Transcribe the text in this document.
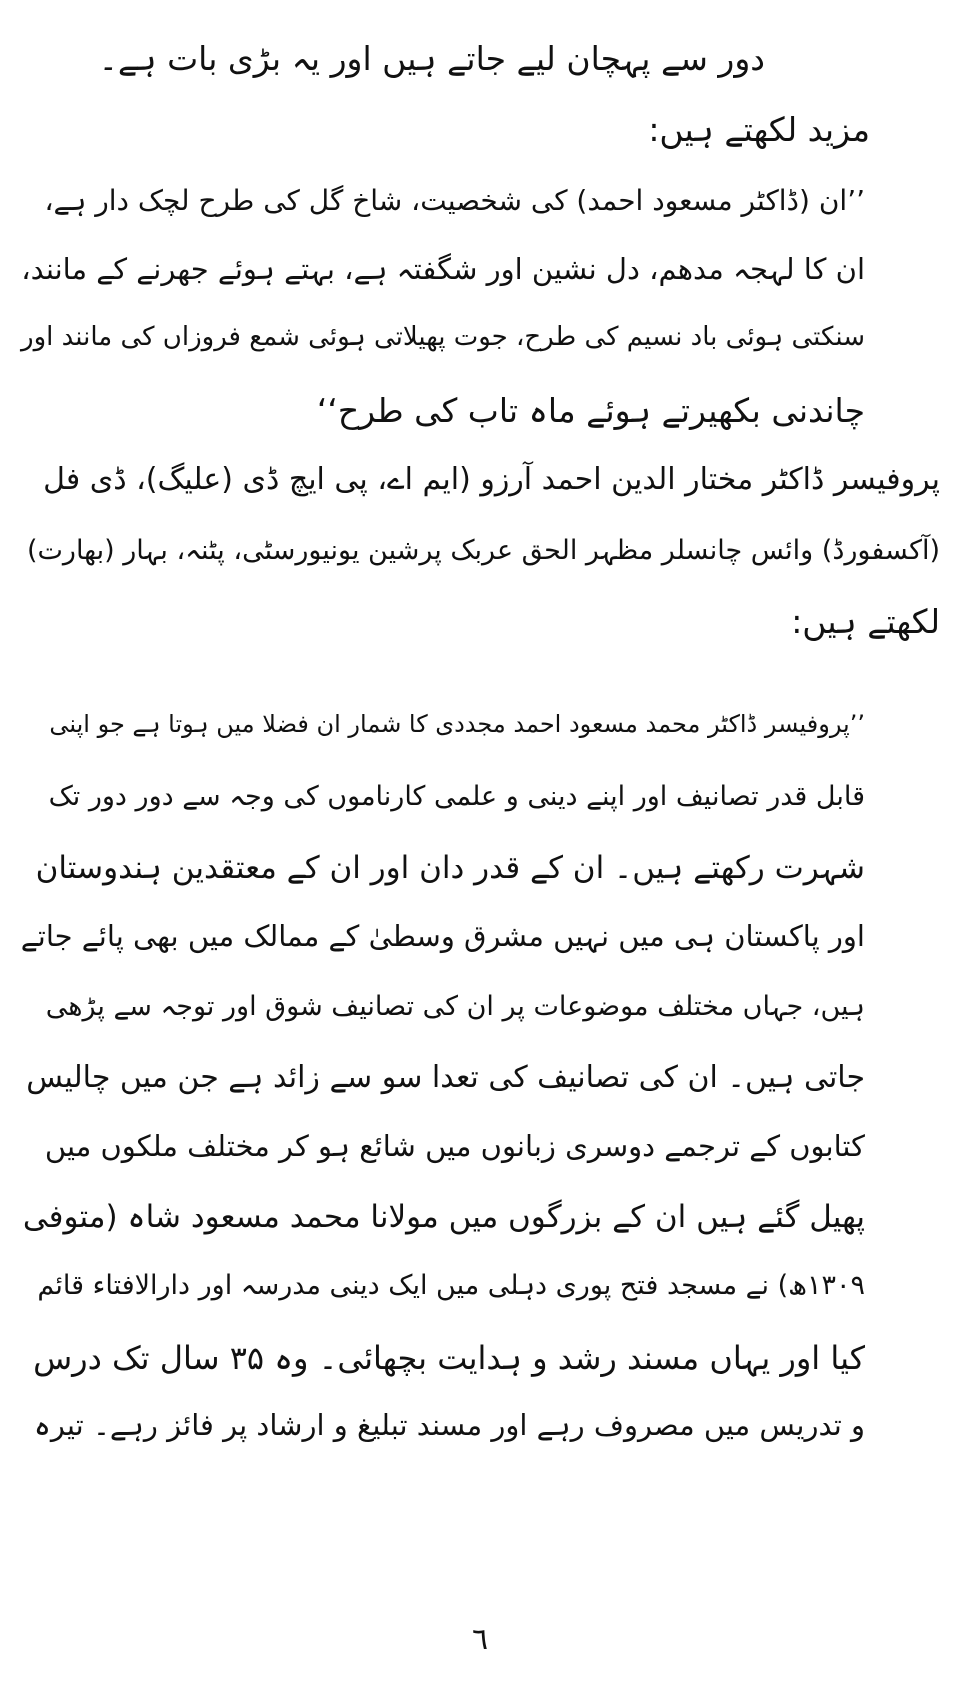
دور سے پہچان لیے جاتے ہیں اور یہ بڑی بات ہے۔
مزید لکھتے ہیں:
’’ان (ڈاکٹر مسعود احمد) کی شخصیت، شاخ گل کی طرح لچک دار ہے،
ان کا لہجہ مدھم، دل نشین اور شگفتہ ہے، بہتے ہوئے جھرنے کے مانند،
سنکتی ہوئی باد نسیم کی طرح، جوت پھیلاتی ہوئی شمع فروزاں کی مانند اور
چاندنی بکھیرتے ہوئے ماہ تاب کی طرح‘‘
پروفیسر ڈاکٹر مختار الدین احمد آرزو (ایم اے، پی ایچ ڈی (علیگ)، ڈی فل
(آکسفورڈ) وائس چانسلر مظہر الحق عربک پرشین یونیورسٹی، پٹنہ، بہار (بھارت)
لکھتے ہیں:
’’پروفیسر ڈاکٹر محمد مسعود احمد مجددی کا شمار ان فضلا میں ہوتا ہے جو اپنی
قابل قدر تصانیف اور اپنے دینی و علمی کارناموں کی وجہ سے دور دور تک
شہرت رکھتے ہیں۔ ان کے قدر دان اور ان کے معتقدین ہندوستان
اور پاکستان ہی میں نہیں مشرق وسطیٰ کے ممالک میں بھی پائے جاتے
ہیں، جہاں مختلف موضوعات پر ان کی تصانیف شوق اور توجہ سے پڑھی
جاتی ہیں۔ ان کی تصانیف کی تعدا سو سے زائد ہے جن میں چالیس
کتابوں کے ترجمے دوسری زبانوں میں شائع ہو کر مختلف ملکوں میں
پھیل گئے ہیں ان کے بزرگوں میں مولانا محمد مسعود شاہ (متوفی
۱۳۰۹ھ) نے مسجد فتح پوری دہلی میں ایک دینی مدرسہ اور دارالافتاء قائم
کیا اور یہاں مسند رشد و ہدایت بچھائی۔ وہ ۳۵ سال تک درس
و تدریس میں مصروف رہے اور مسند تبلیغ و ارشاد پر فائز رہے۔ تیرہ
٦
